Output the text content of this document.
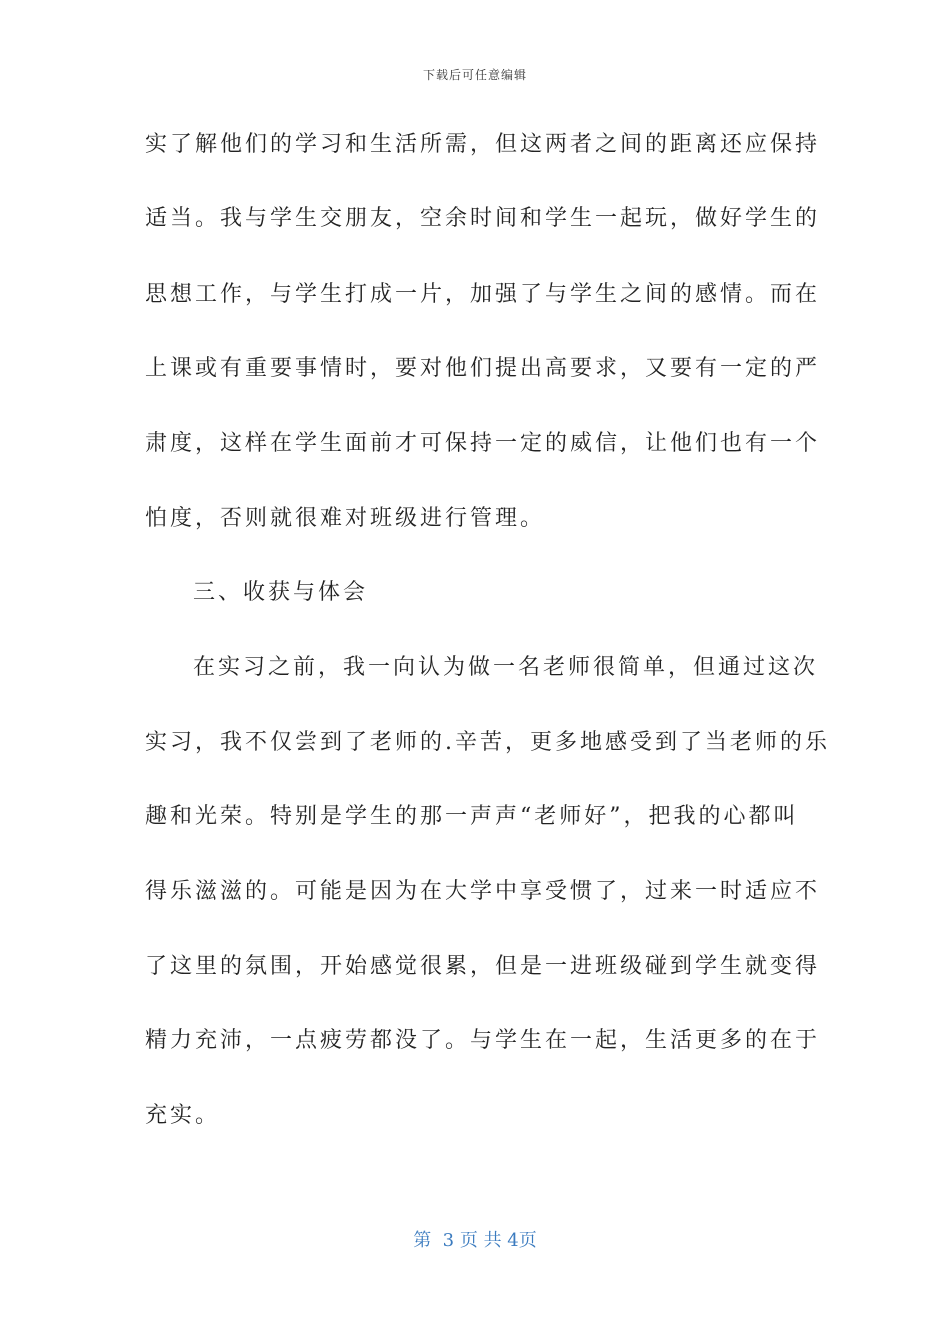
下载后可任意编辑
实了解他们的学习和生活所需，但这两者之间的距离还应保持
适当。我与学生交朋友，空余时间和学生一起玩，做好学生的
思想工作，与学生打成一片，加强了与学生之间的感情。而在
上课或有重要事情时，要对他们提出高要求，又要有一定的严
肃度，这样在学生面前才可保持一定的威信，让他们也有一个
怕度，否则就很难对班级进行管理。
三、收获与体会
在实习之前，我一向认为做一名老师很简单，但通过这次
实习，我不仅尝到了老师的.辛苦，更多地感受到了当老师的乐
趣和光荣。特别是学生的那一声声“老师好”，把我的心都叫
得乐滋滋的。可能是因为在大学中享受惯了，过来一时适应不
了这里的氛围，开始感觉很累，但是一进班级碰到学生就变得
精力充沛，一点疲劳都没了。与学生在一起，生活更多的在于
充实。
第  3 页 共 4页
